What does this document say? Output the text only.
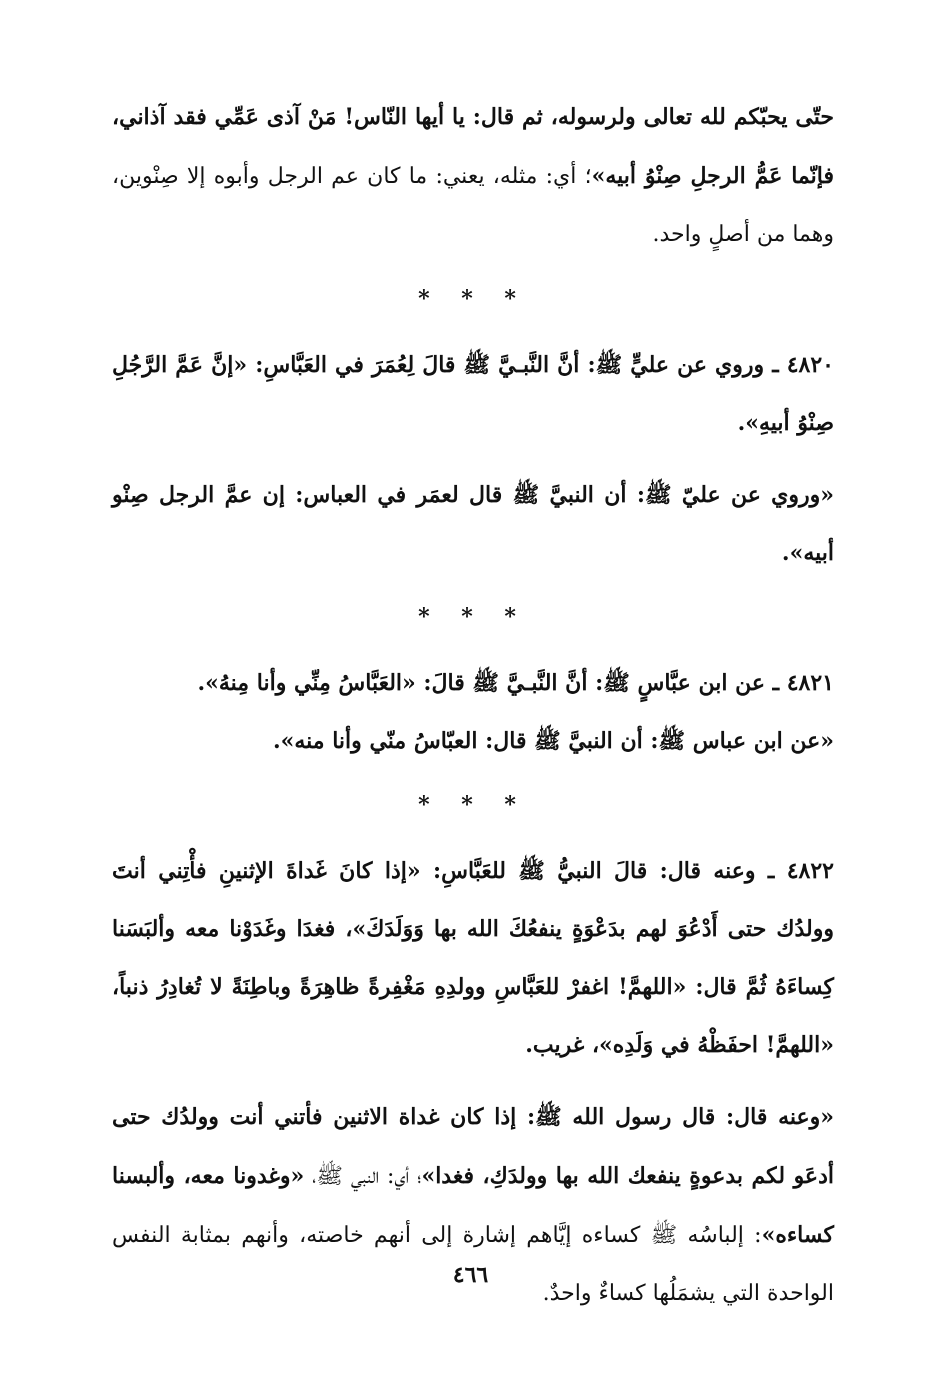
حتّى يحبّكم لله تعالى ولرسوله، ثم قال: يا أيها النّاس! مَنْ آذى عَمِّي فقد آذاني، فإنّما عَمُّ الرجلِ صِنْوُ أبيه»؛ أي: مثله، يعني: ما كان عم الرجل وأبوه إلا صِنْوين، وهما من أصلٍ واحد.

* * *

٤٨٢٠ ـ وروي عن عليٍّ ﷺ: أنَّ النَّبـيَّ ﷺ قالَ لِعُمَرَ في العَبَّاسِ: «إنَّ عَمَّ الرَّجُلِ صِنْوُ أبيهِ».

«وروي عن عليّ ﷺ: أن النبيَّ ﷺ قال لعمَر في العباس: إن عمَّ الرجل صِنْو أبيه».

* * *

٤٨٢١ ـ عن ابن عبَّاسٍ ﷺ: أنَّ النَّبـيَّ ﷺ قالَ: «العَبَّاسُ مِنِّي وأنا مِنهُ».

«عن ابن عباس ﷺ: أن النبيَّ ﷺ قال: العبّاسُ منّي وأنا منه».

* * *

٤٨٢٢ ـ وعنه قال: قالَ النبيُّ ﷺ للعَبَّاسِ: «إذا كانَ غَداةَ الإثنينِ فأْتِني أنتَ وولدُك حتى أَدْعُوَ لهم بدَعْوَةٍ ينفعُكَ الله بها وَوَلَدَكَ»، فغدَا وغَدَوْنا معه وألبَسَنا كِساءَهُ ثُمَّ قال: «اللهمَّ! اغفرْ للعَبَّاسِ وولدِهِ مَغْفِرةً ظاهِرَةً وباطِنَةً لا تُغادِرُ ذنباً، «اللهمَّ! احفَظْهُ في وَلَدِه»، غريب.

«وعنه قال: قال رسول الله ﷺ: إذا كان غداة الاثنين فأتني أنت وولدُك حتى أدعَو لكم بدعوةٍ ينفعك الله بها وولدَكِ، فغدا»؛ أي: النبي ﷺ، «وغدونا معه، وألبسنا كساءه»: إلباسُه ﷺ كساءه إيَّاهم إشارة إلى أنهم خاصته، وأنهم بمثابة النفس الواحدة التي يشمَلُها كساءٌ واحدٌ.

٤٦٦
